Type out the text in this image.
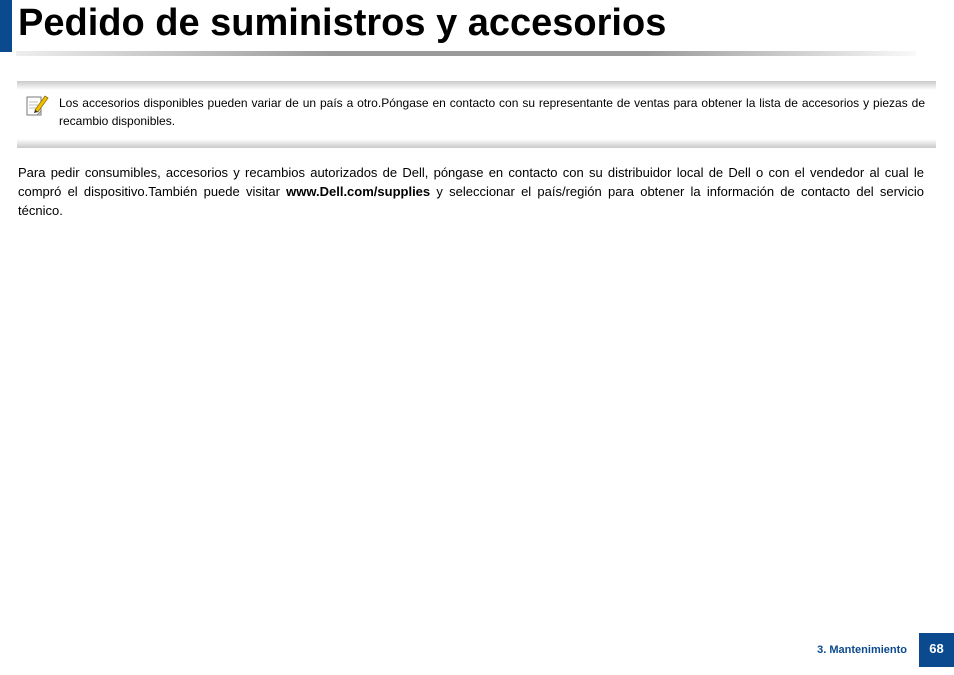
Pedido de suministros y accesorios

Los accesorios disponibles pueden variar de un país a otro.Póngase en contacto con su representante de ventas para obtener la lista de accesorios y piezas de recambio disponibles.

Para pedir consumibles, accesorios y recambios autorizados de Dell, póngase en contacto con su distribuidor local de Dell o con el vendedor al cual le compró el dispositivo.También puede visitar www.Dell.com/supplies y seleccionar el país/región para obtener la información de contacto del servicio técnico.

3. Mantenimiento	68
